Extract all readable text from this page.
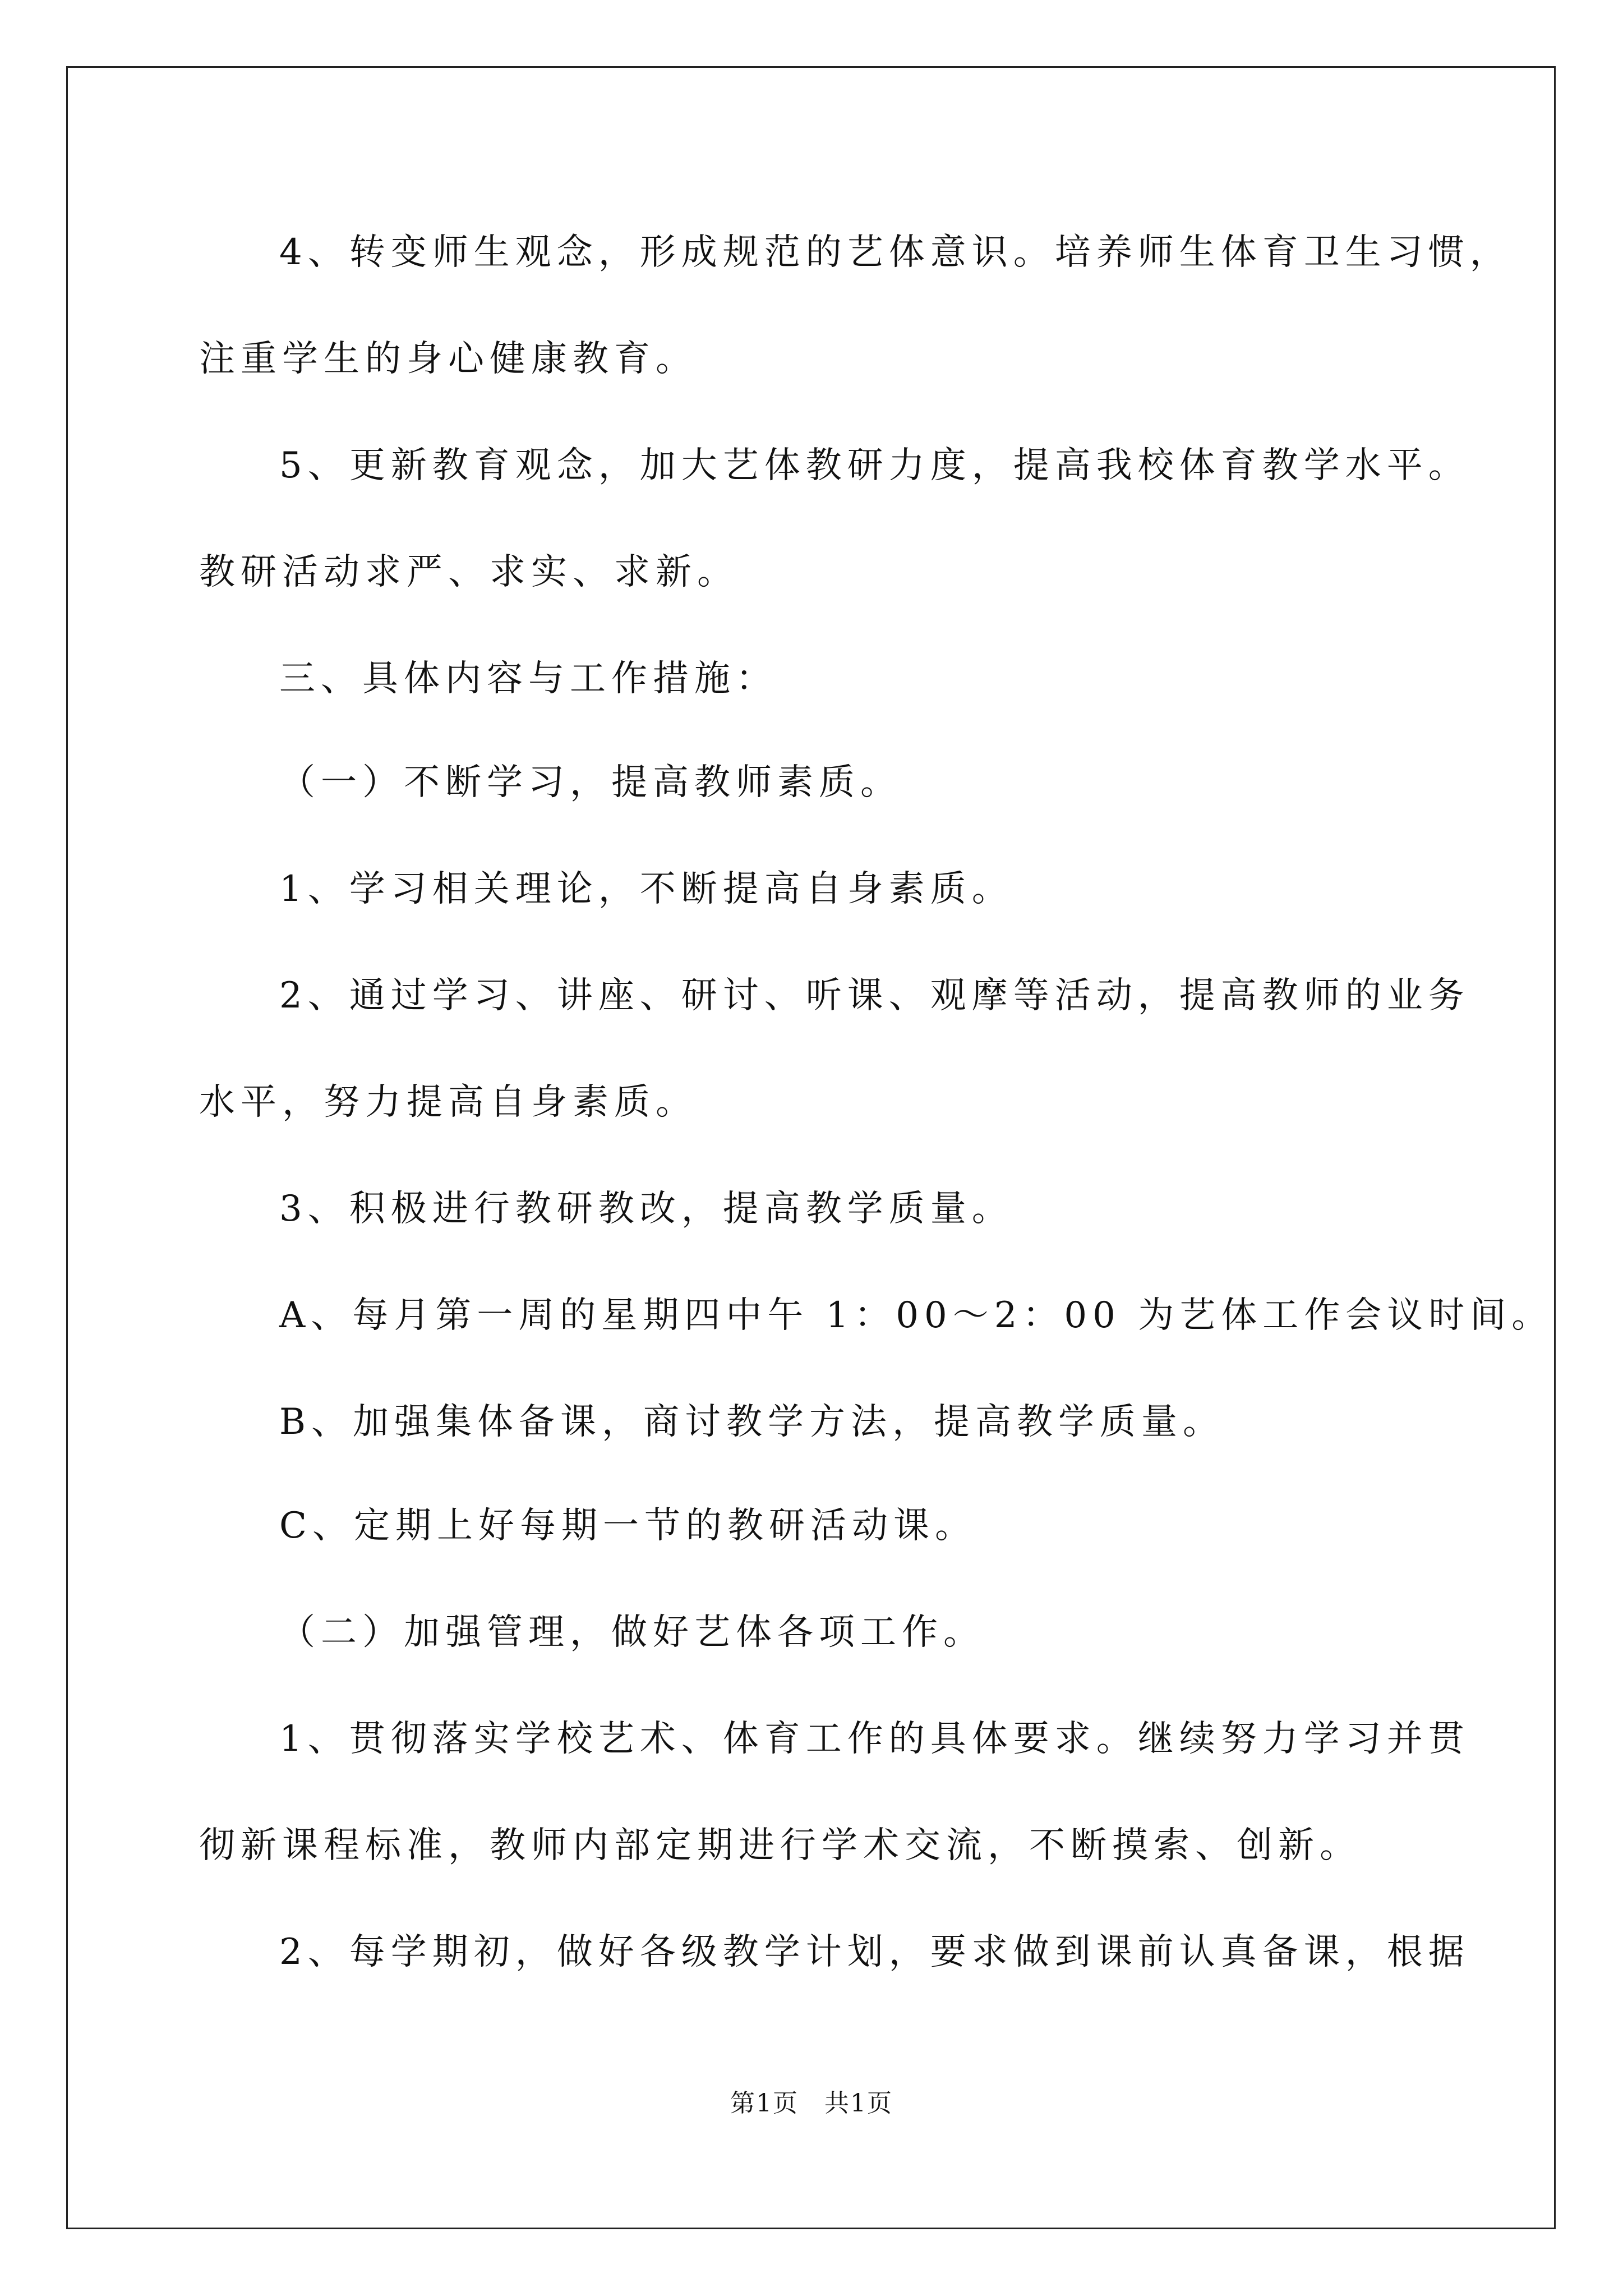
4、转变师生观念，形成规范的艺体意识。培养师生体育卫生习惯，
注重学生的身心健康教育。
5、更新教育观念，加大艺体教研力度，提高我校体育教学水平。
教研活动求严、求实、求新。
三、具体内容与工作措施：
（一）不断学习，提高教师素质。
1、学习相关理论，不断提高自身素质。
2、通过学习、讲座、研讨、听课、观摩等活动，提高教师的业务
水平，努力提高自身素质。
3、积极进行教研教改，提高教学质量。
A、每月第一周的星期四中午 1：00～2：00 为艺体工作会议时间。
B、加强集体备课，商讨教学方法，提高教学质量。
C、定期上好每期一节的教研活动课。
（二）加强管理，做好艺体各项工作。
1、贯彻落实学校艺术、体育工作的具体要求。继续努力学习并贯
彻新课程标准，教师内部定期进行学术交流，不断摸索、创新。
2、每学期初，做好各级教学计划，要求做到课前认真备课，根据
第1页　共1页
